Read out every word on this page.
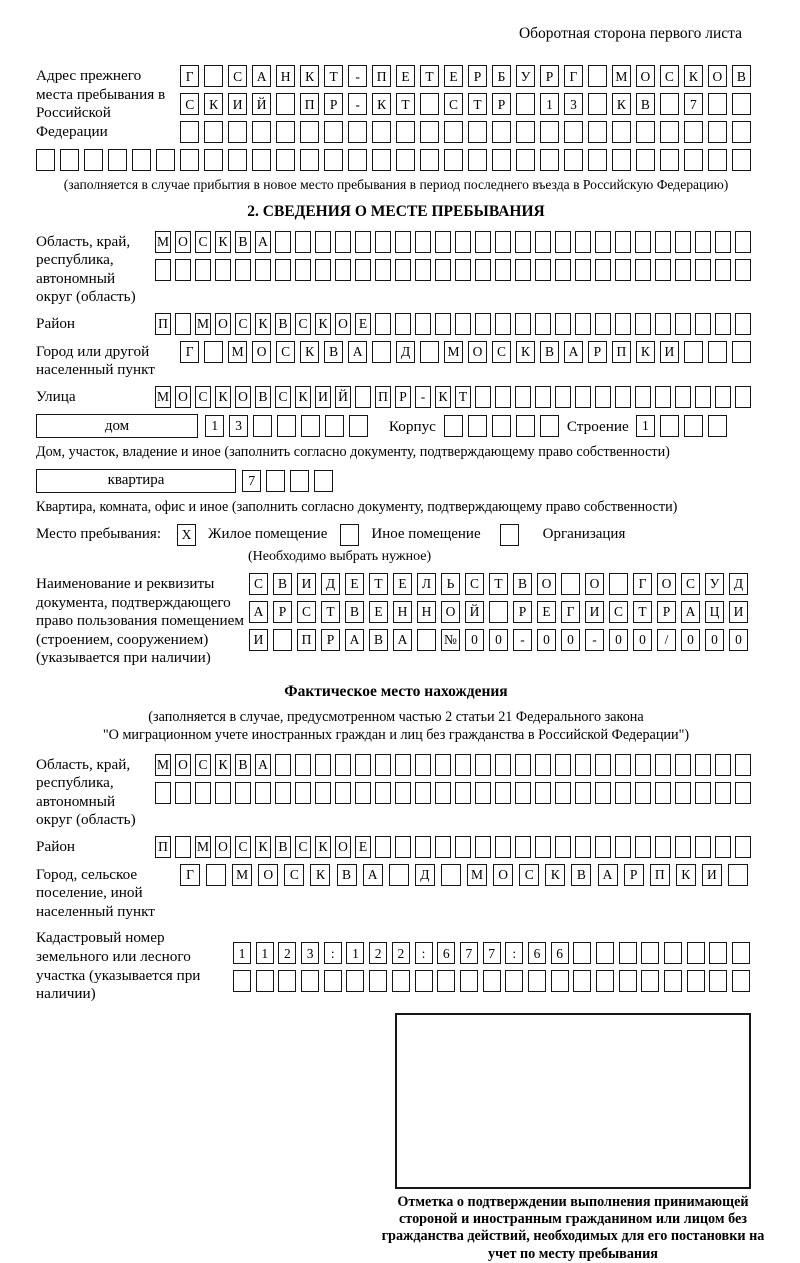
Оборотная сторона первого листа
Адрес прежнего места пребывания в Российской Федерации
Г	С	А	Н	К	Т	-	П	Е	Т	Е	Р	Б	У	Р	Г	М О	С	К	О	В
С	К	И	Й	П	Р	-	К	Т	С	Т	Р	1	3	К	В	7
(заполняется в случае прибытия в новое место пребывания в период последнего въезда в Российскую Федерацию)
2. СВЕДЕНИЯ О МЕСТЕ ПРЕБЫВАНИЯ
Область, край, республика, автономный округ (область)
М О С К В А
Район	П М О С К В С К О Е
Город или другой населенный пункт
Г	М О	С	К	В	А	Д	М О	С	К	В	А	Р	П	К	И
Улица	М О С К О В С К И Й П Р	- К Т
дом	1	3	Корпус	Строение 1
Дом, участок, владение и иное (заполнить согласно документу, подтверждающему право собственности)
квартира	7
Квартира, комната, офис и иное (заполнить согласно документу, подтверждающему право собственности)
Место пребывания:	X	Жилое помещение	Иное помещение	Организация
(Необходимо выбрать нужное)
Наименование и реквизиты документа, подтверждающего право пользования помещением (строением, сооружением) (указывается при наличии)
С	В	И	Д	Е	Т	Е	Л	Ь	С	Т	В	О	О	Г	О	С	У	Д
А	Р	С	Т	В	Е	Н	Н	О	Й	Р	Е	Г	И	С	Т	Р	А	Ц	И
И	П	Р	А	В	А	№	0	0	-	0	0	-	0	0	/	0	0	0
Фактическое место нахождения
(заполняется в случае, предусмотренном частью 2 статьи 21 Федерального закона
"О миграционном учете иностранных граждан и лиц без гражданства в Российской Федерации")
Область, край, республика, автономный округ (область)
М О С К В А
Район	П М О С К В С К О Е
Город, сельское поселение, иной населенный пункт
Г	М	О	С	К	В	А	Д	М	О	С	К	В	А	Р	П	К	И
Кадастровый номер земельного или лесного участка (указывается при наличии)
1	1	2	3	:	1	2	2	:	6	7	7	:	6	6
Отметка о подтверждении выполнения принимающей стороной и иностранным гражданином или лицом без гражданства действий, необходимых для его постановки на учет по месту пребывания
